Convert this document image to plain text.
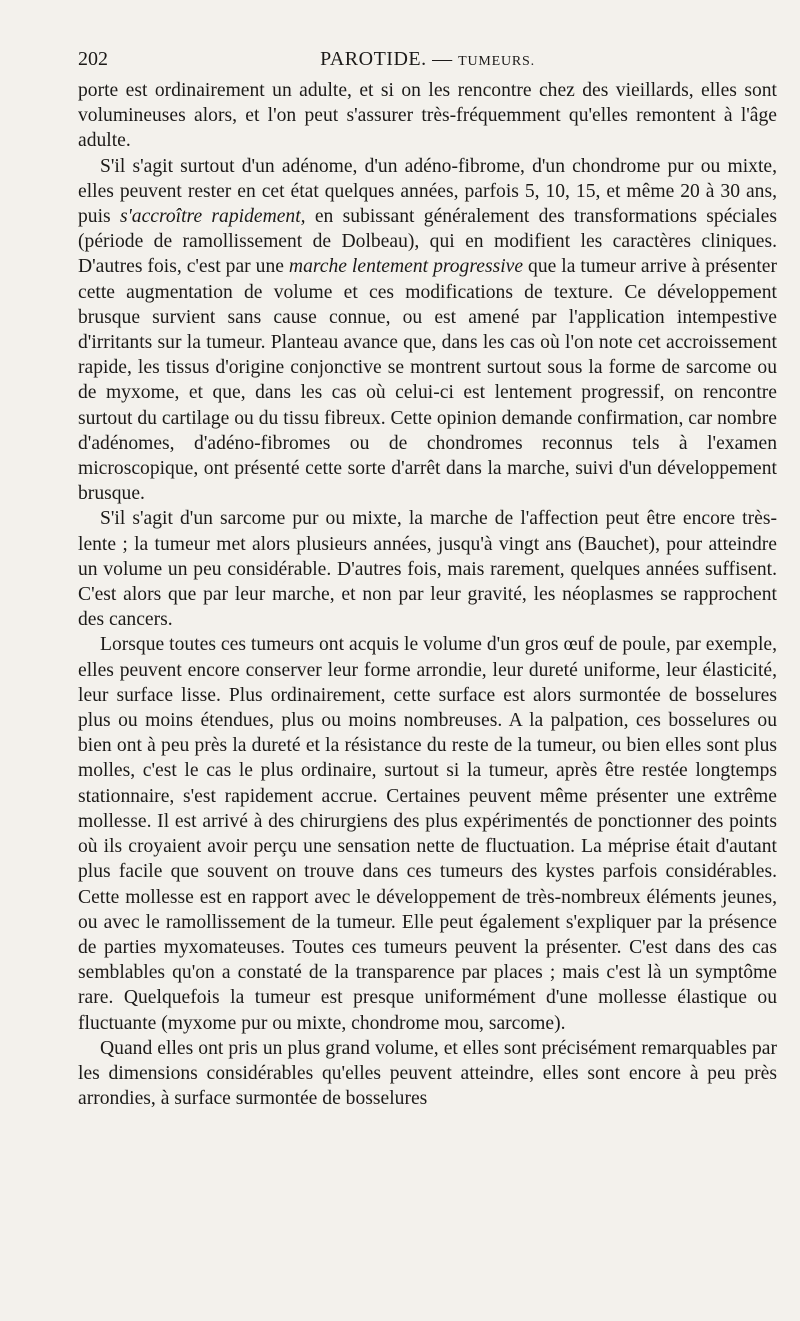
202	PAROTIDE. — TUMEURS.

porte est ordinairement un adulte, et si on les rencontre chez des vieillards, elles sont volumineuses alors, et l'on peut s'assurer très-fréquemment qu'elles remontent à l'âge adulte.

S'il s'agit surtout d'un adénome, d'un adéno-fibrome, d'un chondrome pur ou mixte, elles peuvent rester en cet état quelques années, parfois 5, 10, 15, et même 20 à 30 ans, puis s'accroître rapidement, en subissant généralement des transformations spéciales (période de ramollissement de Dolbeau), qui en modifient les caractères cliniques. D'autres fois, c'est par une marche lentement progressive que la tumeur arrive à présenter cette augmentation de volume et ces modifications de texture. Ce développement brusque survient sans cause connue, ou est amené par l'application intempestive d'irritants sur la tumeur. Planteau avance que, dans les cas où l'on note cet accroissement rapide, les tissus d'origine conjonctive se montrent surtout sous la forme de sarcome ou de myxome, et que, dans les cas où celui-ci est lentement progressif, on rencontre surtout du cartilage ou du tissu fibreux. Cette opinion demande confirmation, car nombre d'adénomes, d'adéno-fibromes ou de chondromes reconnus tels à l'examen microscopique, ont présenté cette sorte d'arrêt dans la marche, suivi d'un développement brusque.

S'il s'agit d'un sarcome pur ou mixte, la marche de l'affection peut être encore très-lente ; la tumeur met alors plusieurs années, jusqu'à vingt ans (Bauchet), pour atteindre un volume un peu considérable. D'autres fois, mais rarement, quelques années suffisent. C'est alors que par leur marche, et non par leur gravité, les néoplasmes se rapprochent des cancers.

Lorsque toutes ces tumeurs ont acquis le volume d'un gros œuf de poule, par exemple, elles peuvent encore conserver leur forme arrondie, leur dureté uniforme, leur élasticité, leur surface lisse. Plus ordinairement, cette surface est alors surmontée de bosselures plus ou moins étendues, plus ou moins nombreuses. A la palpation, ces bosselures ou bien ont à peu près la dureté et la résistance du reste de la tumeur, ou bien elles sont plus molles, c'est le cas le plus ordinaire, surtout si la tumeur, après être restée longtemps stationnaire, s'est rapidement accrue. Certaines peuvent même présenter une extrême mollesse. Il est arrivé à des chirurgiens des plus expérimentés de ponctionner des points où ils croyaient avoir perçu une sensation nette de fluctuation. La méprise était d'autant plus facile que souvent on trouve dans ces tumeurs des kystes parfois considérables. Cette mollesse est en rapport avec le développement de très-nombreux éléments jeunes, ou avec le ramollissement de la tumeur. Elle peut également s'expliquer par la présence de parties myxomateuses. Toutes ces tumeurs peuvent la présenter. C'est dans des cas semblables qu'on a constaté de la transparence par places ; mais c'est là un symptôme rare. Quelquefois la tumeur est presque uniformément d'une mollesse élastique ou fluctuante (myxome pur ou mixte, chondrome mou, sarcome).

Quand elles ont pris un plus grand volume, et elles sont précisément remarquables par les dimensions considérables qu'elles peuvent atteindre, elles sont encore à peu près arrondies, à surface surmontée de bosselures
